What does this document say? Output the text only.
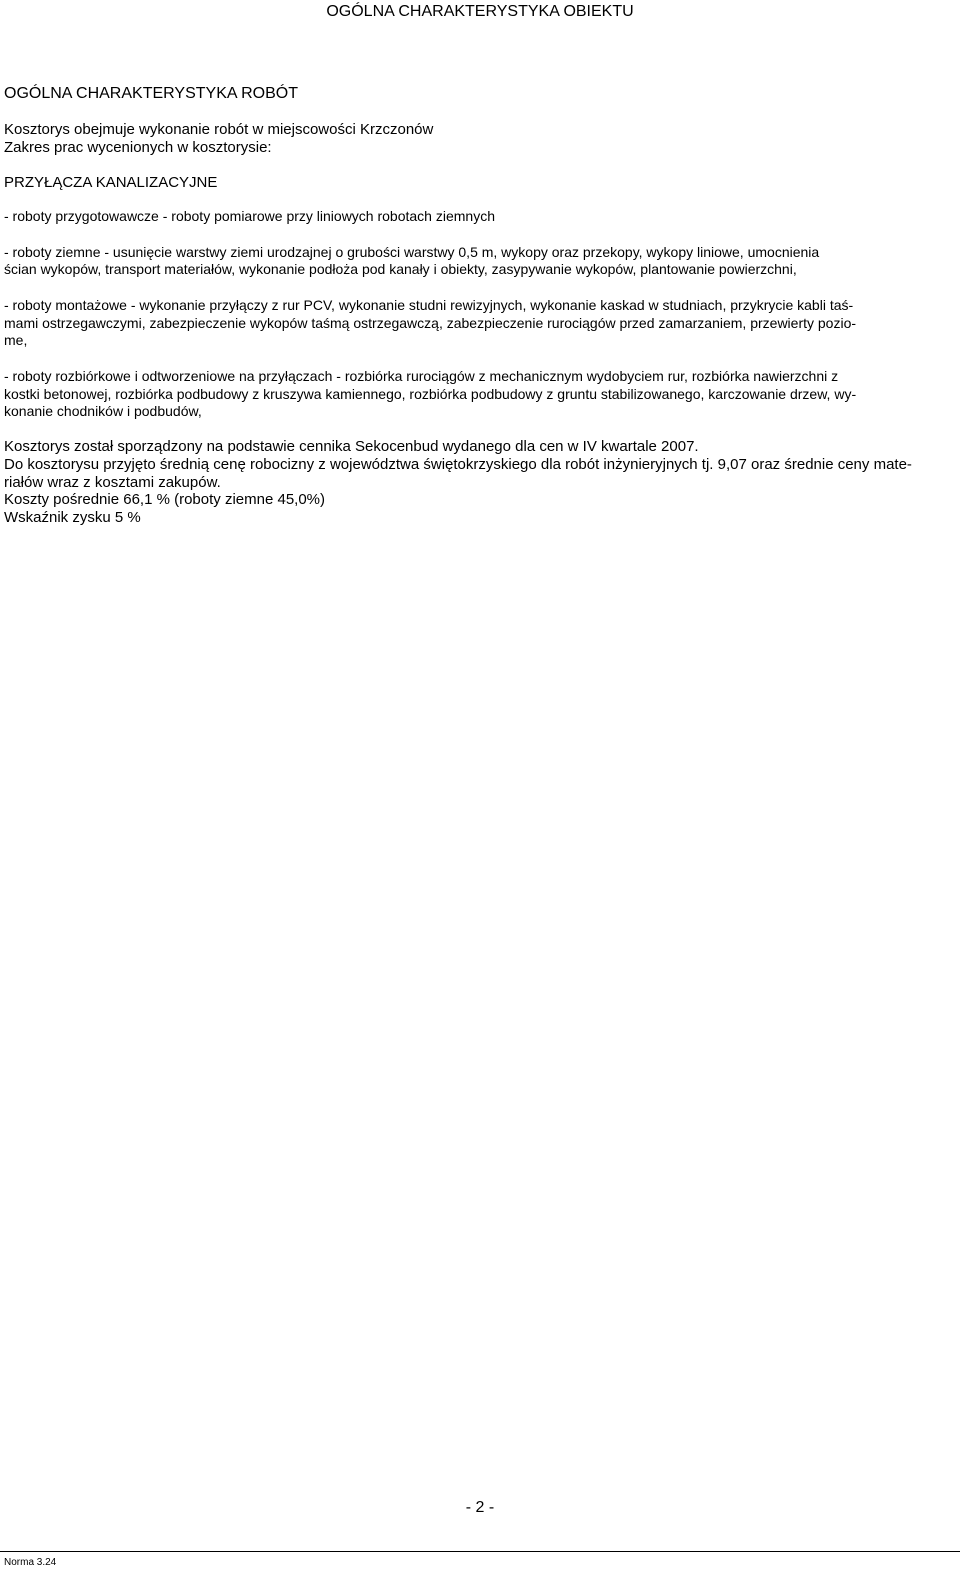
OGÓLNA CHARAKTERYSTYKA OBIEKTU

OGÓLNA CHARAKTERYSTYKA ROBÓT

Kosztorys obejmuje wykonanie robót w miejscowości Krzczonów

Zakres prac wycenionych w kosztorysie:

PRZYŁĄCZA KANALIZACYJNE

- roboty przygotowawcze - roboty pomiarowe przy liniowych robotach ziemnych

- roboty ziemne - usunięcie warstwy ziemi urodzajnej o grubości warstwy 0,5 m, wykopy oraz przekopy, wykopy liniowe, umocnienia

ścian wykopów, transport materiałów, wykonanie podłoża pod kanały i obiekty, zasypywanie wykopów, plantowanie powierzchni,

- roboty montażowe - wykonanie przyłączy z rur PCV, wykonanie studni rewizyjnych, wykonanie kaskad w studniach, przykrycie kabli taś-

mami ostrzegawczymi, zabezpieczenie wykopów taśmą ostrzegawczą, zabezpieczenie rurociągów przed zamarzaniem, przewierty pozio-

me,

- roboty rozbiórkowe i odtworzeniowe na przyłączach - rozbiórka rurociągów z mechanicznym wydobyciem rur, rozbiórka nawierzchni z

kostki betonowej, rozbiórka podbudowy z kruszywa kamiennego, rozbiórka podbudowy z gruntu stabilizowanego, karczowanie drzew, wy-

konanie chodników i podbudów,

Kosztorys został sporządzony na podstawie cennika Sekocenbud wydanego dla cen w IV kwartale 2007.

Do kosztorysu przyjęto średnią cenę robocizny z województwa świętokrzyskiego dla robót inżynieryjnych tj. 9,07 oraz średnie ceny mate-

riałów wraz z kosztami zakupów.

Koszty pośrednie 66,1 % (roboty ziemne 45,0%)

Wskaźnik zysku 5 %

- 2 -

Norma 3.24
